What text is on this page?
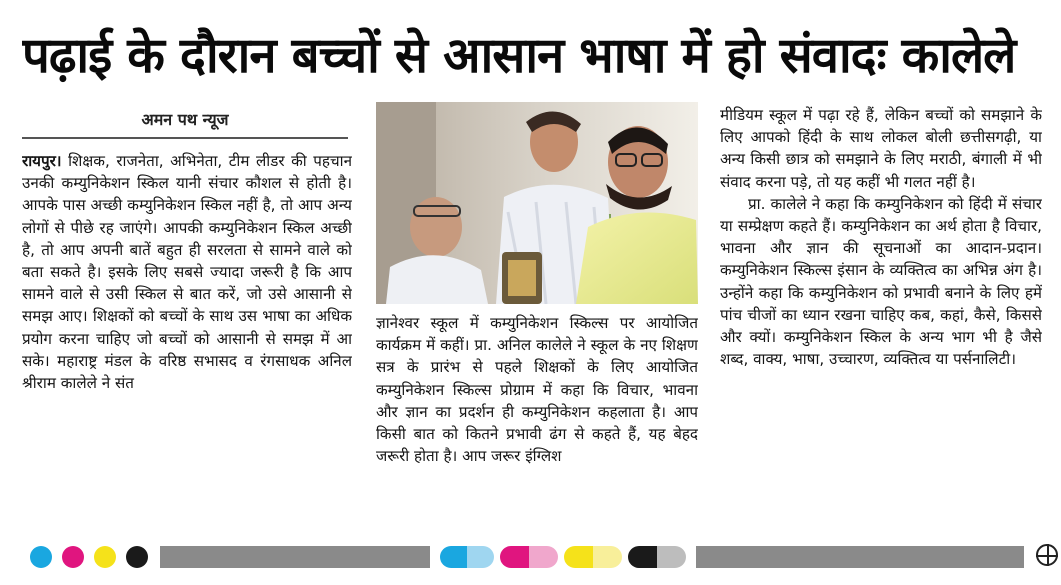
पढ़ाई के दौरान बच्चों से आसान भाषा में हो संवादः कालेले
अमन पथ न्यूज

रायपुर। शिक्षक, राजनेता, अभिनेता, टीम लीडर की पहचान उनकी कम्युनिकेशन स्किल यानी संचार कौशल से होती है। आपके पास अच्छी कम्युनिकेशन स्किल नहीं है, तो आप अन्य लोगों से पीछे रह जाएंगे। आपकी कम्युनिकेशन स्किल अच्छी है, तो आप अपनी बातें बहुत ही सरलता से सामने वाले को बता सकते है। इसके लिए सबसे ज्यादा जरूरी है कि आप सामने वाले से उसी स्किल से बात करें, जो उसे आसानी से समझ आए। शिक्षकों को बच्चों के साथ उस भाषा का अधिक प्रयोग करना चाहिए जो बच्चों को आसानी से समझ में आ सके। महाराष्ट्र मंडल के वरिष्ठ सभासद व रंगसाधक अनिल श्रीराम कालेले ने संत

ज्ञानेश्वर स्कूल में कम्युनिकेशन स्किल्स पर आयोजित कार्यक्रम में कहीं। प्रा. अनिल कालेले ने स्कूल के नए शिक्षण सत्र के प्रारंभ से पहले शिक्षकों के लिए आयोजित कम्युनिकेशन स्किल्स प्रोग्राम में कहा कि विचार, भावना और ज्ञान का प्रदर्शन ही कम्युनिकेशन कहलाता है। आप किसी बात को कितने प्रभावी ढंग से कहते हैं, यह बेहद जरूरी होता है। आप जरूर इंग्लिश

मीडियम स्कूल में पढ़ा रहे हैं, लेकिन बच्चों को समझाने के लिए आपको हिंदी के साथ लोकल बोली छत्तीसगढ़ी, या अन्य किसी छात्र को समझाने के लिए मराठी, बंगाली में भी संवाद करना पड़े, तो यह कहीं भी गलत नहीं है।

प्रा. कालेले ने कहा कि कम्युनिकेशन को हिंदी में संचार या सम्प्रेक्षण कहते हैं। कम्युनिकेशन का अर्थ होता है विचार, भावना और ज्ञान की सूचनाओं का आदान-प्रदान। कम्युनिकेशन स्किल्स इंसान के व्यक्तित्व का अभिन्न अंग है। उन्होंने कहा कि कम्युनिकेशन को प्रभावी बनाने के लिए हमें पांच चीजों का ध्यान रखना चाहिए कब, कहां, कैसे, किससे और क्यों। कम्युनिकेशन स्किल के अन्य भाग भी है जैसे शब्द, वाक्य, भाषा, उच्चारण, व्यक्तित्व या पर्सनालिटी।
